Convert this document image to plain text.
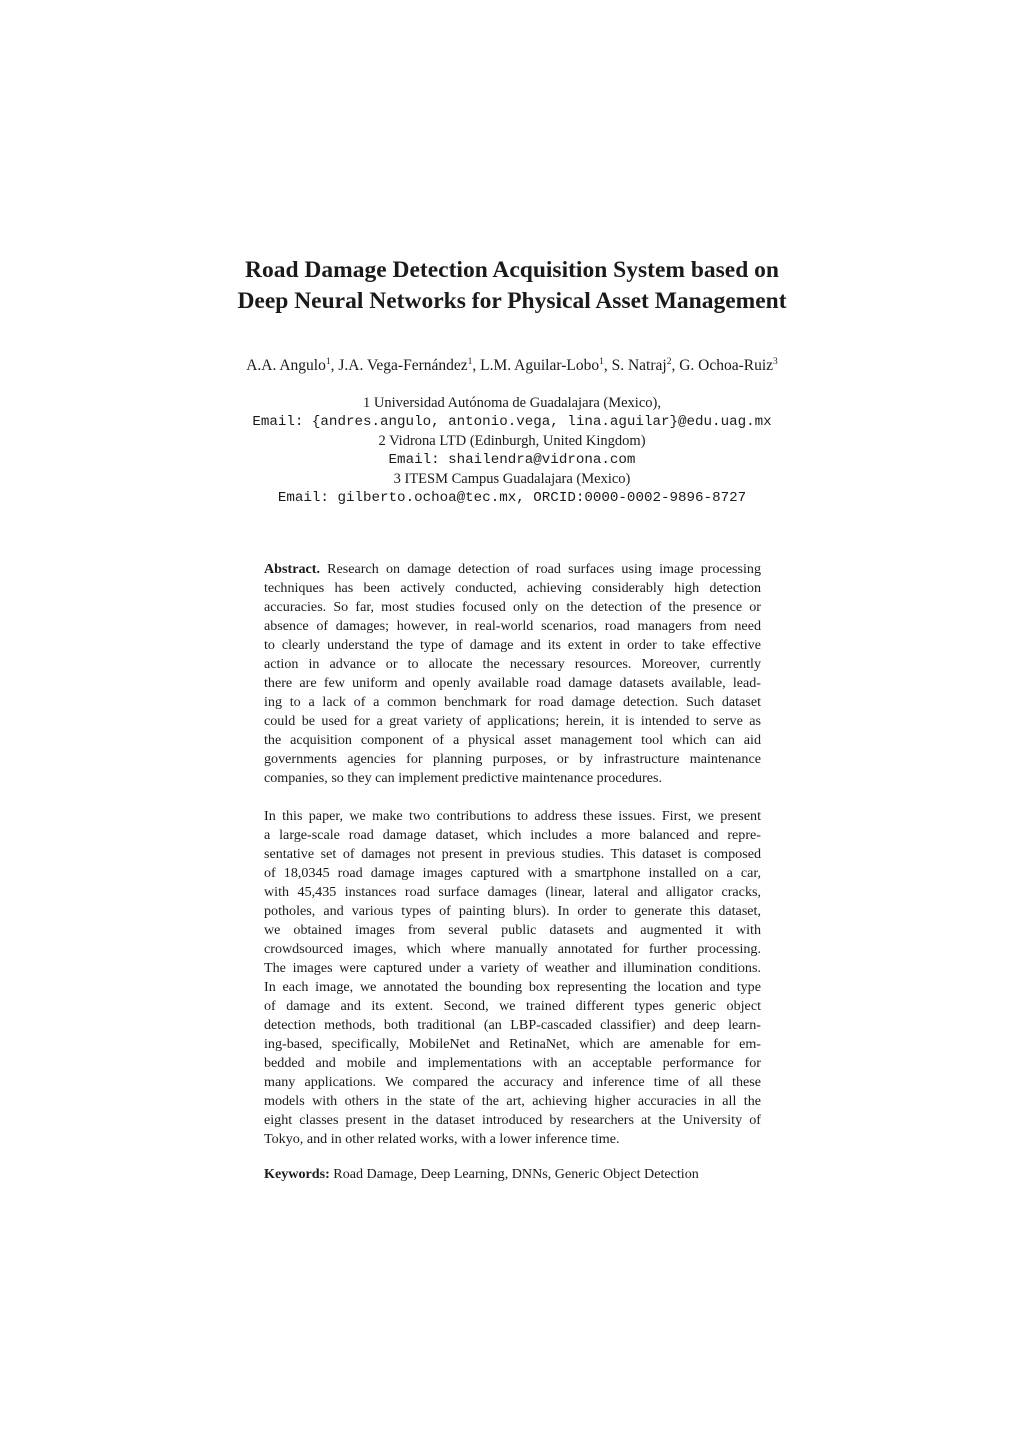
Road Damage Detection Acquisition System based on
Deep Neural Networks for Physical Asset Management
A.A. Angulo$^1$, J.A. Vega-Fernández$^1$, L.M. Aguilar-Lobo$^1$, S. Natraj$^2$, G. Ochoa-Ruiz$^3$
1 Universidad Autónoma de Guadalajara (Mexico),
Email: {andres.angulo, antonio.vega, lina.aguilar}@edu.uag.mx
2 Vidrona LTD (Edinburgh, United Kingdom)
Email: shailendra@vidrona.com
3 ITESM Campus Guadalajara (Mexico)
Email: gilberto.ochoa@tec.mx, ORCID:0000-0002-9896-8727
Abstract. Research on damage detection of road surfaces using image processing
techniques has been actively conducted, achieving considerably high detection
accuracies. So far, most studies focused only on the detection of the presence or
absence of damages; however, in real-world scenarios, road managers from need
to clearly understand the type of damage and its extent in order to take effective
action in advance or to allocate the necessary resources. Moreover, currently
there are few uniform and openly available road damage datasets available, lead-
ing to a lack of a common benchmark for road damage detection. Such dataset
could be used for a great variety of applications; herein, it is intended to serve as
the acquisition component of a physical asset management tool which can aid
governments agencies for planning purposes, or by infrastructure maintenance
companies, so they can implement predictive maintenance procedures.
In this paper, we make two contributions to address these issues. First, we present
a large-scale road damage dataset, which includes a more balanced and repre-
sentative set of damages not present in previous studies. This dataset is composed
of 18,0345 road damage images captured with a smartphone installed on a car,
with 45,435 instances road surface damages (linear, lateral and alligator cracks,
potholes, and various types of painting blurs). In order to generate this dataset,
we obtained images from several public datasets and augmented it with
crowdsourced images, which where manually annotated for further processing.
The images were captured under a variety of weather and illumination conditions.
In each image, we annotated the bounding box representing the location and type
of damage and its extent. Second, we trained different types generic object
detection methods, both traditional (an LBP-cascaded classifier) and deep learn-
ing-based, specifically, MobileNet and RetinaNet, which are amenable for em-
bedded and mobile and implementations with an acceptable performance for
many applications. We compared the accuracy and inference time of all these
models with others in the state of the art, achieving higher accuracies in all the
eight classes present in the dataset introduced by researchers at the University of
Tokyo, and in other related works, with a lower inference time.
Keywords: Road Damage, Deep Learning, DNNs, Generic Object Detection
